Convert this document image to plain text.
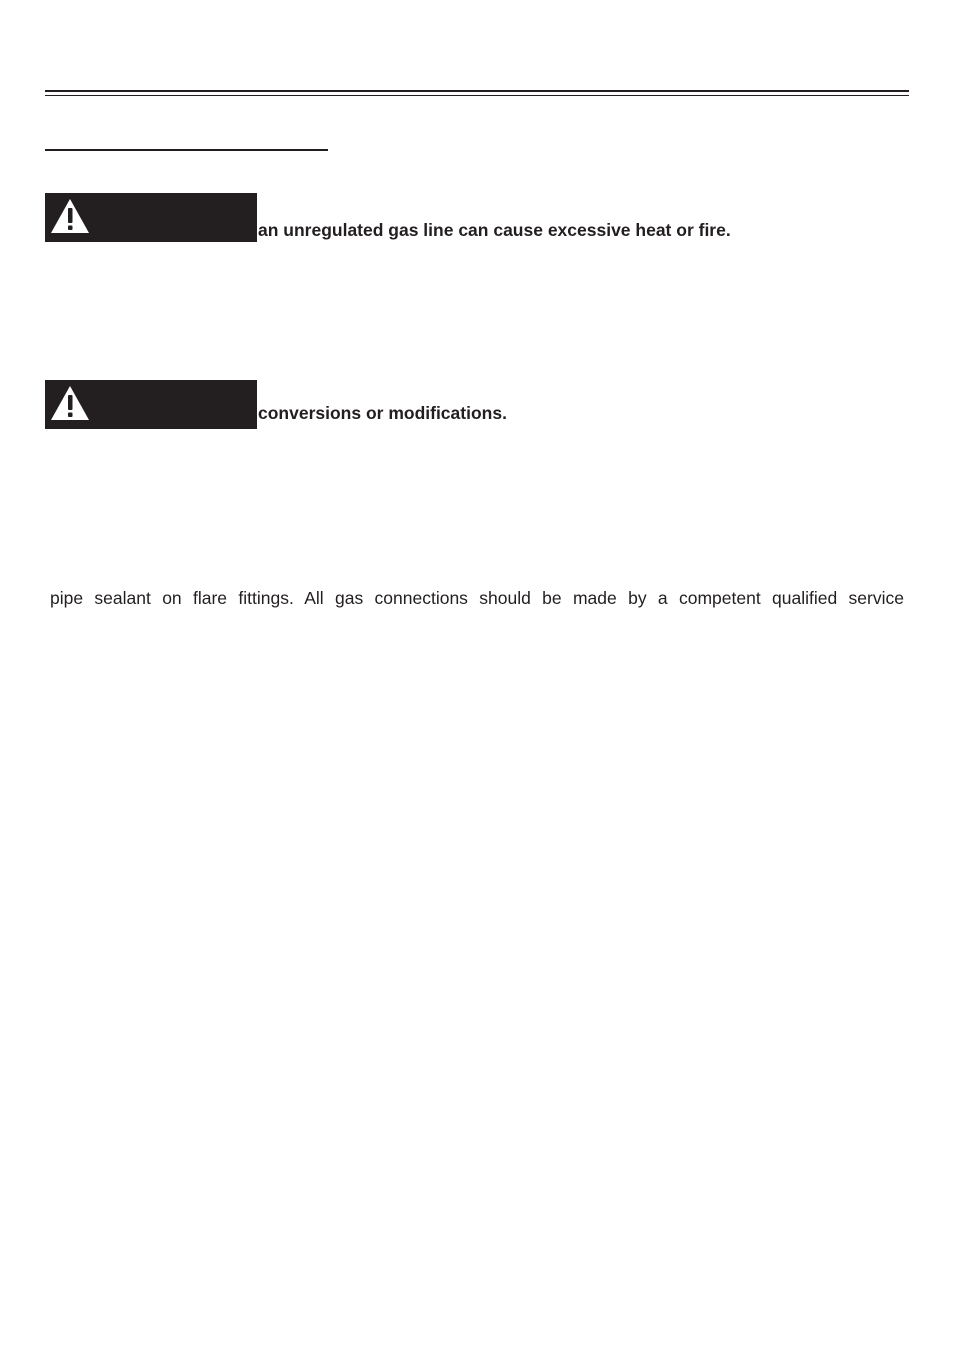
an unregulated gas line can cause excessive heat or fire.
conversions or modifications.
pipe sealant on flare fittings. All gas connections should be made by a competent qualified service
